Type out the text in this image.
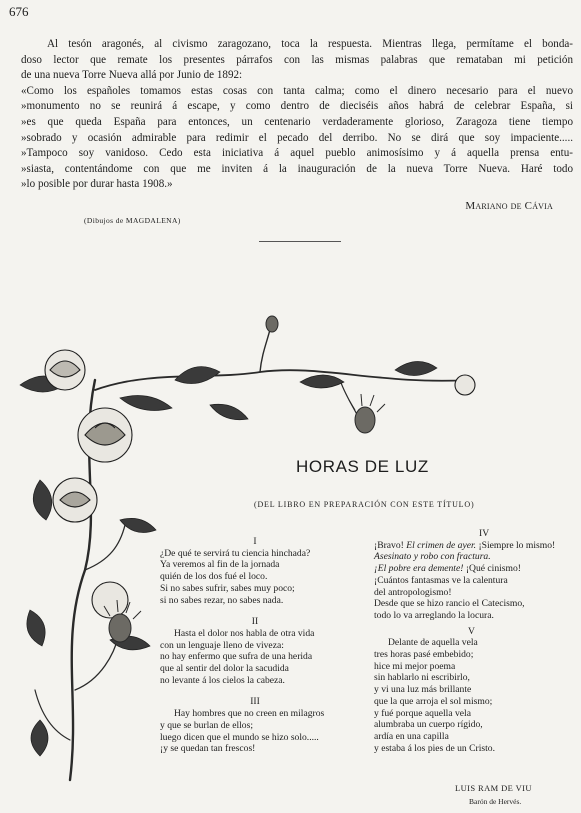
676

Al tesón aragonés, al civismo zaragozano, toca la respuesta. Mientras llega, permítame el bonda-
doso lector que remate los presentes párrafos con las mismas palabras que remataban mi petición
de una nueva Torre Nueva allá por Junio de 1892:

«Como los españoles tomamos estas cosas con tanta calma; como el dinero necesario para el nuevo
»monumento no se reunirá á escape, y como dentro de dieciséis años habrá de celebrar España, si
»es que queda España para entonces, un centenario verdaderamente glorioso, Zaragoza tiene tiempo
»sobrado y ocasión admirable para redimir el pecado del derribo. No se dirá que soy impaciente.....
»Tampoco soy vanidoso. Cedo esta iniciativa á aquel pueblo animosísimo y á aquella prensa entu-
»siasta, contentándome con que me inviten á la inauguración de la nueva Torre Nueva. Haré todo
»lo posible por durar hasta 1908.»

Mariano de Cávia
(Dibujos de MAGDALENA)
HORAS DE LUZ
(DEL LIBRO EN PREPARACIÓN CON ESTE TÍTULO)
I
¿De qué te servirá tu ciencia hinchada?
Ya veremos al fin de la jornada
quién de los dos fué el loco.
Si no sabes sufrir, sabes muy poco;
si no sabes rezar, no sabes nada.
II
Hasta el dolor nos habla de otra vida
con un lenguaje lleno de viveza:
no hay enfermo que sufra de una herida
que al sentir del dolor la sacudida
no levante á los cielos la cabeza.
III
Hay hombres que no creen en milagros
y que se burlan de ellos;
luego dicen que el mundo se hizo solo.....
¡y se quedan tan frescos!
IV
¡Bravo! El crimen de ayer. ¡Siempre lo mismo!
Asesinato y robo con fractura.
¡El pobre era demente! ¡Qué cinismo!
¡Cuántos fantasmas ve la calentura
del antropologismo!
Desde que se hizo rancio el Catecismo,
todo lo va arreglando la locura.
V
Delante de aquella vela
tres horas pasé embebido;
hice mi mejor poema
sin hablarlo ni escribirlo,
y vi una luz más brillante
que la que arroja el sol mismo;
y fué porque aquella vela
alumbraba un cuerpo rígido,
ardía en una capilla
y estaba á los pies de un Cristo.
LUIS RAM DE VIU
Barón de Hervés.
